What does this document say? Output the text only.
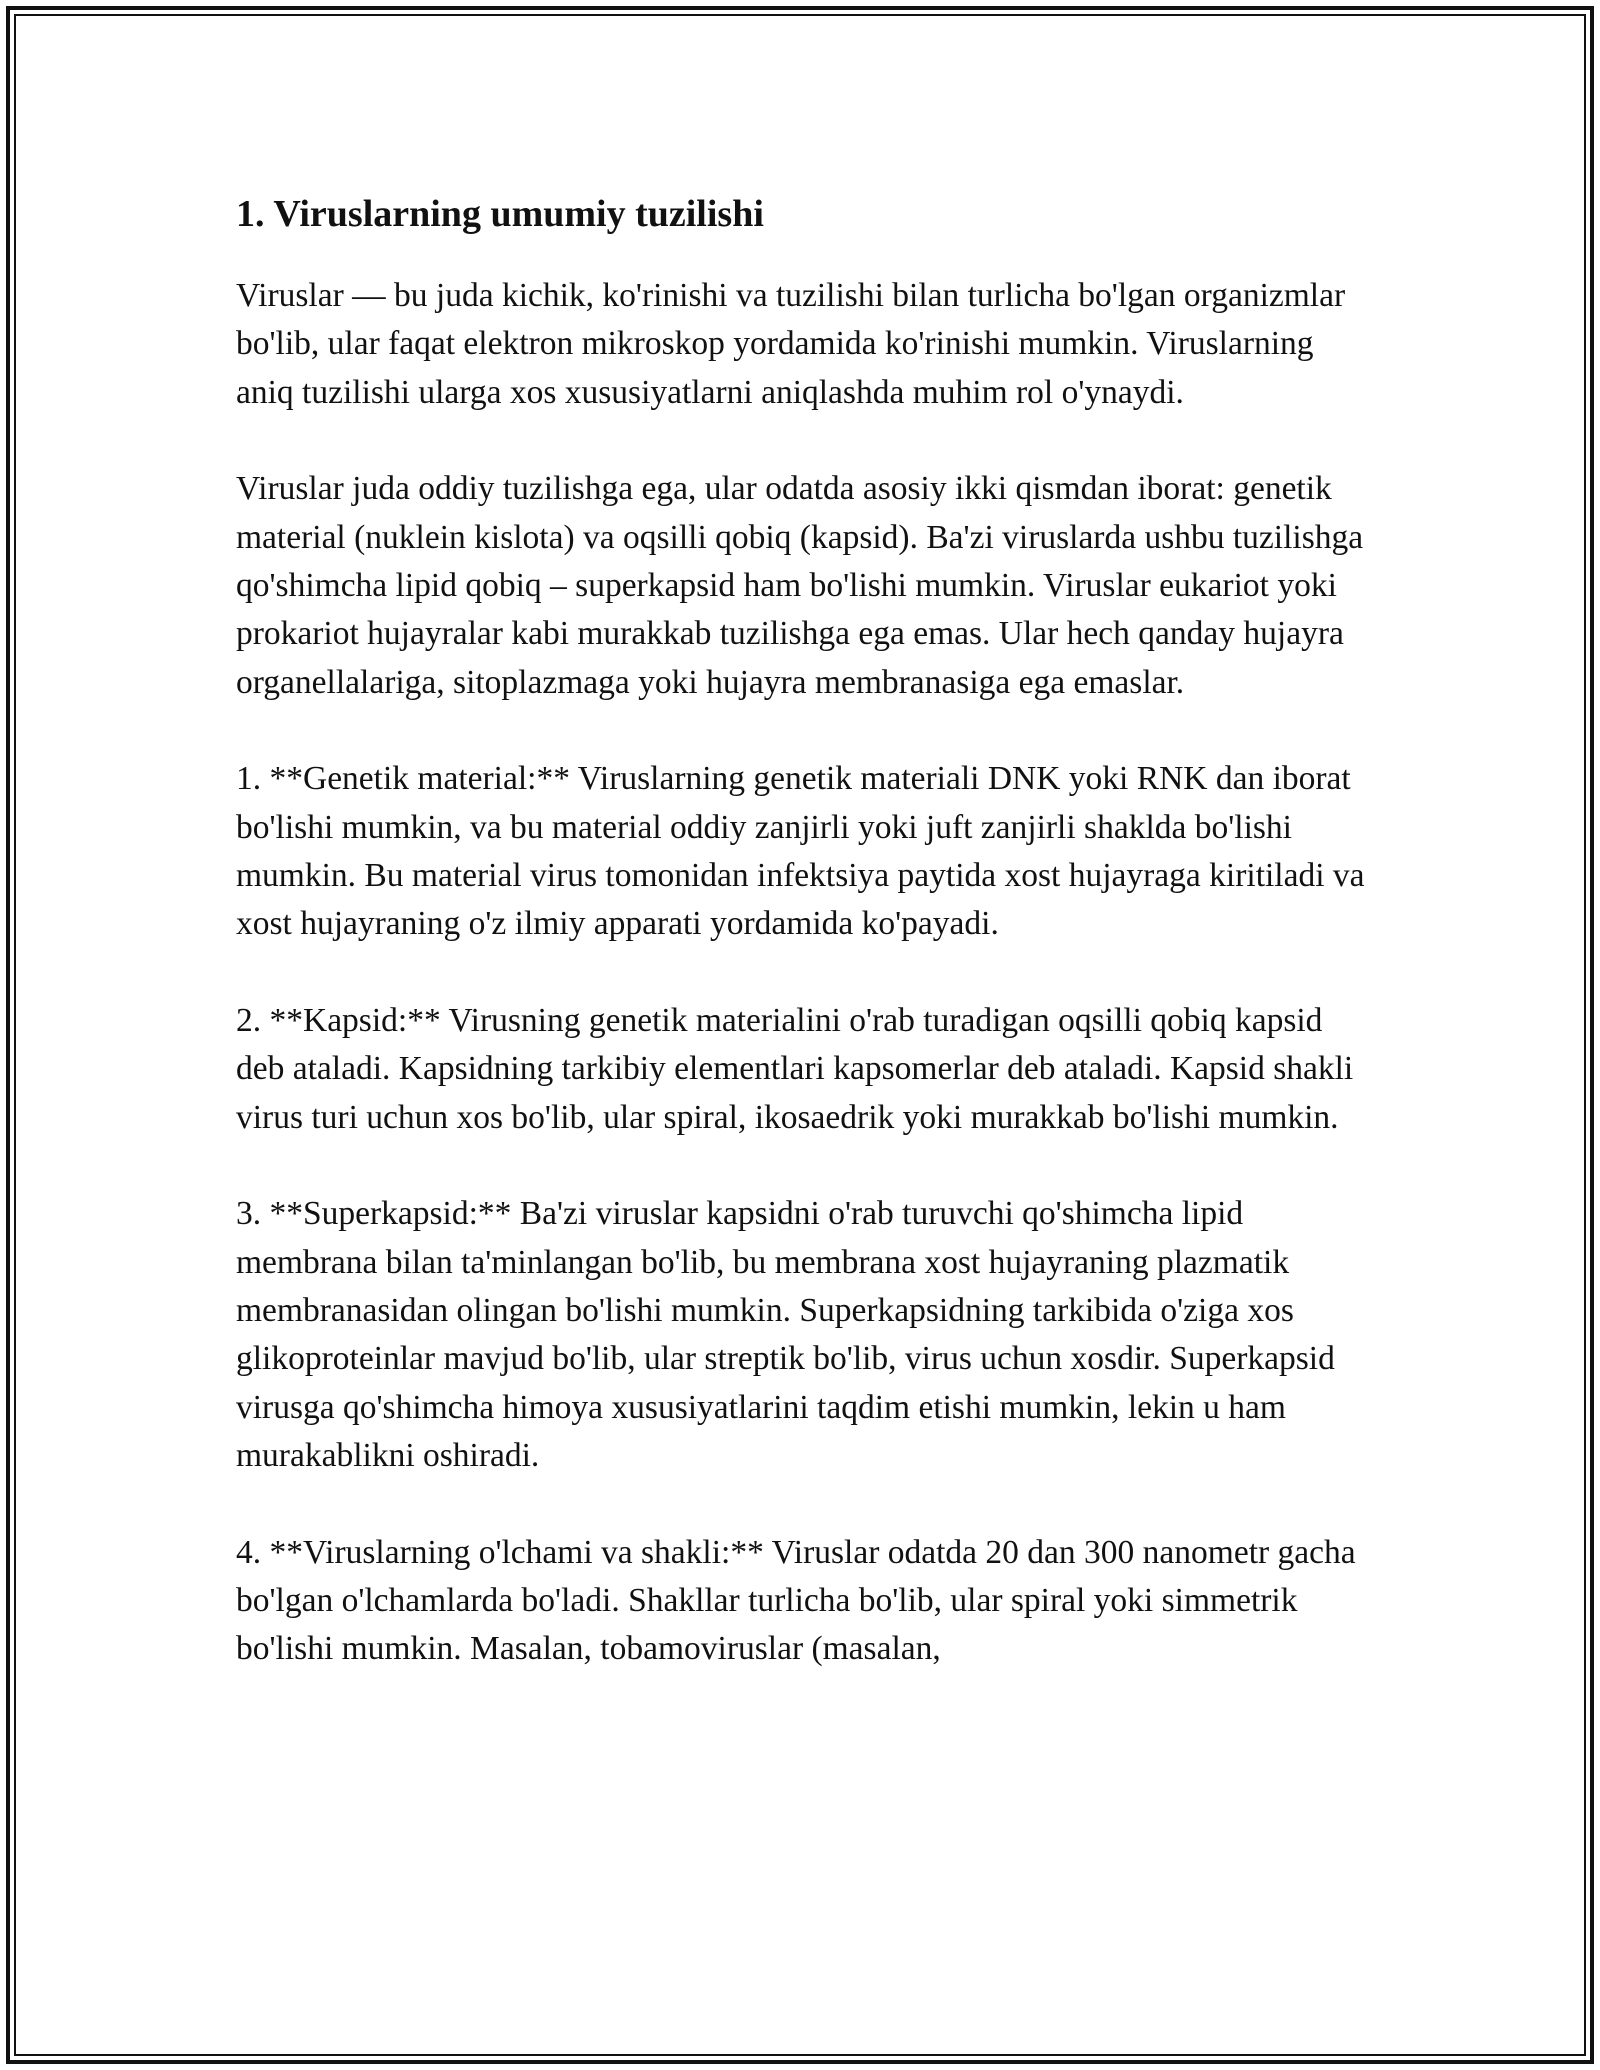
1. Viruslarning umumiy tuzilishi

Viruslar — bu juda kichik, ko'rinishi va tuzilishi bilan turlicha bo'lgan organizmlar bo'lib, ular faqat elektron mikroskop yordamida ko'rinishi mumkin. Viruslarning aniq tuzilishi ularga xos xususiyatlarni aniqlashda muhim rol o'ynaydi.

Viruslar juda oddiy tuzilishga ega, ular odatda asosiy ikki qismdan iborat: genetik material (nuklein kislota) va oqsilli qobiq (kapsid). Ba'zi viruslarda ushbu tuzilishga qo'shimcha lipid qobiq – superkapsid ham bo'lishi mumkin. Viruslar eukariot yoki prokariot hujayralar kabi murakkab tuzilishga ega emas. Ular hech qanday hujayra organellalariga, sitoplazmaga yoki hujayra membranasiga ega emaslar.

1. **Genetik material:** Viruslarning genetik materiali DNK yoki RNK dan iborat bo'lishi mumkin, va bu material oddiy zanjirli yoki juft zanjirli shaklda bo'lishi mumkin. Bu material virus tomonidan infektsiya paytida xost hujayraga kiritiladi va xost hujayraning o'z ilmiy apparati yordamida ko'payadi.

2. **Kapsid:** Virusning genetik materialini o'rab turadigan oqsilli qobiq kapsid deb ataladi. Kapsidning tarkibiy elementlari kapsomerlar deb ataladi. Kapsid shakli virus turi uchun xos bo'lib, ular spiral, ikosaedrik yoki murakkab bo'lishi mumkin.

3. **Superkapsid:** Ba'zi viruslar kapsidni o'rab turuvchi qo'shimcha lipid membrana bilan ta'minlangan bo'lib, bu membrana xost hujayraning plazmatik membranasidan olingan bo'lishi mumkin. Superkapsidning tarkibida o'ziga xos glikoproteinlar mavjud bo'lib, ular streptik bo'lib, virus uchun xosdir. Superkapsid virusga qo'shimcha himoya xususiyatlarini taqdim etishi mumkin, lekin u ham murakablikni oshiradi.

4. **Viruslarning o'lchami va shakli:** Viruslar odatda 20 dan 300 nanometr gacha bo'lgan o'lchamlarda bo'ladi. Shakllar turlicha bo'lib, ular spiral yoki simmetrik bo'lishi mumkin. Masalan, tobamoviruslar (masalan,
